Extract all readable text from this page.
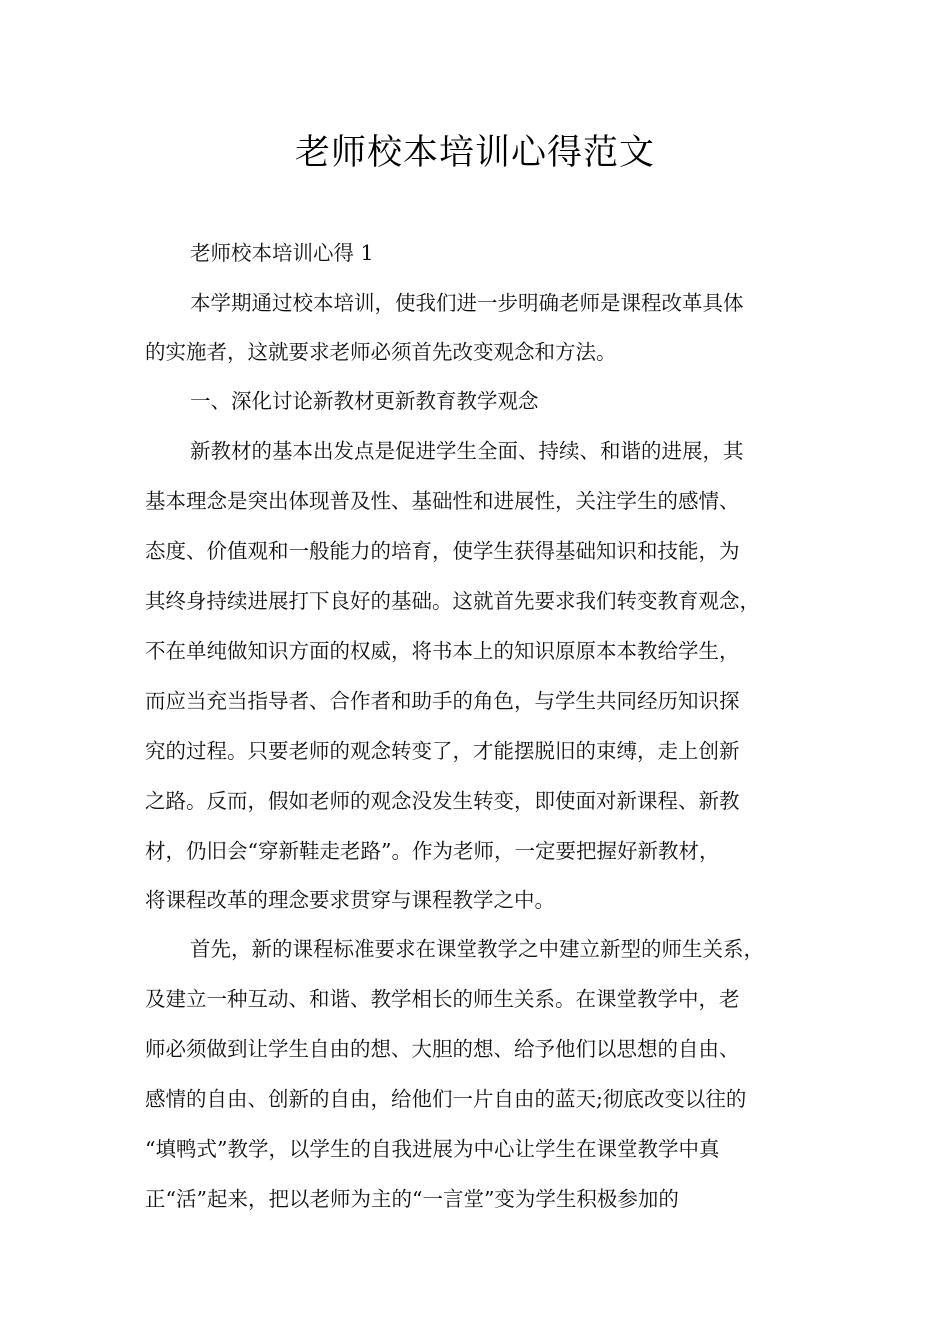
老师校本培训心得范文
老师校本培训心得 1
本学期通过校本培训，使我们进一步明确老师是课程改革具体
的实施者，这就要求老师必须首先改变观念和方法。
一、深化讨论新教材更新教育教学观念
新教材的基本出发点是促进学生全面、持续、和谐的进展，其
基本理念是突出体现普及性、基础性和进展性，关注学生的感情、
态度、价值观和一般能力的培育，使学生获得基础知识和技能，为
其终身持续进展打下良好的基础。这就首先要求我们转变教育观念，
不在单纯做知识方面的权威，将书本上的知识原原本本教给学生，
而应当充当指导者、合作者和助手的角色，与学生共同经历知识探
究的过程。只要老师的观念转变了，才能摆脱旧的束缚，走上创新
之路。反而，假如老师的观念没发生转变，即使面对新课程、新教
材，仍旧会“穿新鞋走老路”。作为老师，一定要把握好新教材，
将课程改革的理念要求贯穿与课程教学之中。
首先，新的课程标准要求在课堂教学之中建立新型的师生关系，
及建立一种互动、和谐、教学相长的师生关系。在课堂教学中，老
师必须做到让学生自由的想、大胆的想、给予他们以思想的自由、
感情的自由、创新的自由，给他们一片自由的蓝天;彻底改变以往的
“填鸭式”教学，以学生的自我进展为中心让学生在课堂教学中真
正“活”起来，把以老师为主的“一言堂”变为学生积极参加的
